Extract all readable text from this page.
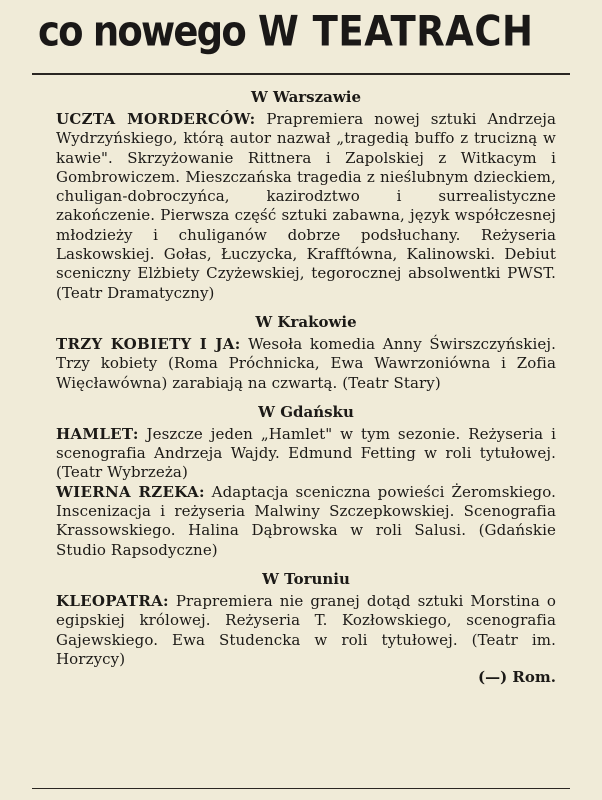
co nowego W TEATRACH
W Warszawie

UCZTA MORDERCÓW: Prapremiera nowej sztuki Andrzeja Wydrzyńskiego, którą autor nazwał „tragedią buffo z trucizną w kawie". Skrzyżowanie Rittnera i Zapolskiej z Witkacym i Gombrowiczem. Mieszczańska tragedia z nieślubnym dzieckiem, chuligan-dobroczyńca, kazirodztwo i surrealistyczne zakończenie. Pierwsza część sztuki zabawna, język współczesnej młodzieży i chuliganów dobrze podsłuchany. Reżyseria Laskowskiej. Gołas, Łuczycka, Krafftówna, Kalinowski. Debiut sceniczny Elżbiety Czyżewskiej, tegorocznej absolwentki PWST. (Teatr Dramatyczny)

W Krakowie

TRZY KOBIETY I JA: Wesoła komedia Anny Świrszczyńskiej. Trzy kobiety (Roma Próchnicka, Ewa Wawrzoniówna i Zofia Więcławówna) zarabiają na czwartą. (Teatr Stary)

W Gdańsku

HAMLET: Jeszcze jeden „Hamlet" w tym sezonie. Reżyseria i scenografia Andrzeja Wajdy. Edmund Fetting w roli tytułowej. (Teatr Wybrzeża)

WIERNA RZEKA: Adaptacja sceniczna powieści Żeromskiego. Inscenizacja i reżyseria Malwiny Szczepkowskiej. Scenografia Krassowskiego. Halina Dąbrowska w roli Salusi. (Gdańskie Studio Rapsodyczne)

W Toruniu

KLEOPATRA: Prapremiera nie granej dotąd sztuki Morstina o egipskiej królowej. Reżyseria T. Kozłowskiego, scenografia Gajewskiego. Ewa Studencka w roli tytułowej. (Teatr im. Horzycy)

(—) Rom.
